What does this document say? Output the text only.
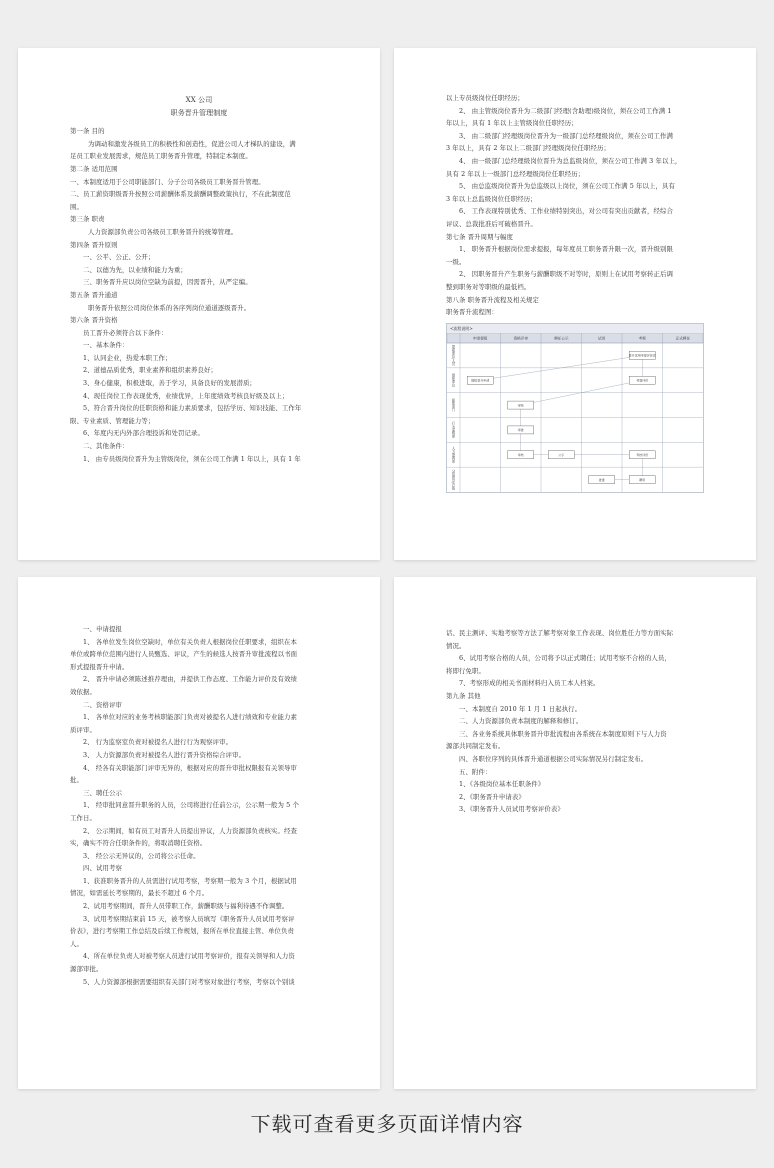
XX 公司
职务晋升管理制度
第一条 目的
为调动和激发各级员工的积极性和创造性，促进公司人才梯队的建设，满
足员工职业发展需求，规范员工职务晋升管理，特制定本制度。
第二条 适用范围
一、本制度适用于公司职能部门、分子公司各级员工职务晋升管理。
二、员工薪资职级晋升按照公司薪酬体系及薪酬调整政策执行，不在此制度范
围。
第三条 职责
人力资源部负责公司各级员工职务晋升的统筹管理。
第四条 晋升原则
一、公平、公正、公开；
二、以德为先，以业绩和能力为重；
三、职务晋升应以岗位空缺为前提，因需晋升，从严定编。
第五条 晋升通道
职务晋升依照公司岗位体系的各序列岗位通道逐级晋升。
第六条 晋升资格
员工晋升必须符合以下条件：
一、基本条件：
1、认同企业，热爱本职工作；
2、道德品质优秀，职业素养和组织素养良好；
3、身心健康，积极进取，善于学习，具备良好的发展潜质；
4、现任岗位工作表现优秀，业绩优异，上年度绩效考核良好级及以上；
5、符合晋升岗位的任职资格和能力素质要求，包括学历、知识技能、工作年
限、专业素质、管理能力等；
6、年度内无内外部合理投诉和处罚记录。
二、其他条件：
1、 由专员级岗位晋升为主管级岗位，须在公司工作满 1 年以上，具有 1 年
以上专员级岗位任职经历；
2、 由主管级岗位晋升为二级部门经理(含助理)级岗位，须在公司工作满 1
年以上，具有 1 年以上主管级岗位任职经历；
3、 由二级部门经理级岗位晋升为一级部门总经理级岗位，须在公司工作满
3 年以上，具有 2 年以上二级部门经理级岗位任职经历；
4、 由一级部门总经理级岗位晋升为总监级岗位，须在公司工作满 3 年以上，
具有 2 年以上一级部门总经理级岗位任职经历；
5、 由总监级岗位晋升为总监级以上岗位，须在公司工作满 5 年以上，具有
3 年以上总监级岗位任职经历；
6、 工作表现特别优秀、工作业绩特别突出，对公司有突出贡献者，经综合
评议、总裁批准后可破格晋升。
第七条 晋升周期与幅度
1、 职务晋升根据岗位需求提报，每年度员工职务晋升限一次，晋升级别限
一级。
2、 因职务晋升产生职务与薪酬职级不对等时，原则上在试用考察转正后调
整到职务对等职级的最低档。
第八条 职务晋升流程及相关规定
职务晋升流程图：
<流程说明>
申请提报	资格评审	聘任公示	试用	考察	正式聘任
提报单位/人员
提报单位
职能部门
行为监察部
人力资源部
分管领导/总裁
提报晋升申请
晋升试用考察评价表
考察评价
审核
审批
审核	公示	考核评价
聘用
批准
一、申请提报
1、 各单位发生岗位空缺时，单位有关负责人根据岗位任职要求，组织在本
单位或跨单位范围内进行人员甄选、评议，产生的候选人按晋升审批流程以书面
形式提报晋升申请。
2、 晋升申请必须陈述推荐理由，并提供工作态度、工作能力评价及有效绩
效依据。
二、资格评审
1、 各单位对应的业务考核职能部门负责对被提名人进行绩效和专业能力素
质评审。
2、 行为监察室负责对被提名人进行行为观察评审。
3、 人力资源部负责对被提名人进行晋升资格综合评审。
4、 经各有关职能部门评审无异的，根据对应的晋升审批权限报有关领导审
批。
三、聘任公示
1、 经审批同意晋升职务的人员，公司将进行任前公示，公示期一般为 5 个
工作日。
2、 公示期间，如有员工对晋升人员提出异议，人力资源部负责核实。经查
实，确实不符合任职条件的，将取消聘任资格。
3、 经公示无异议的，公司将公示任命。
四、试用考察
1、获准职务晋升的人员需进行试用考察，考察期一般为 3 个月，根据试用
情况，如需延长考察期的，最长不超过 6 个月。
2、试用考察期间，晋升人员带职工作，薪酬职级与福利待遇不作调整。
3、试用考察期结束前 15 天，被考察人员填写《职务晋升人员试用考察评
价表》，进行考察期工作总结及后续工作规划，报所在单位直接主管、单位负责
人。
4、所在单位负责人对被考察人员进行试用考察评价，报有关领导和人力资
源部审批。
5、人力资源部根据需要组织有关部门对考察对象进行考察，考察以个别谈
话、民主测评、实地考察等方法了解考察对象工作表现、岗位胜任力等方面实际
情况。
6、试用考察合格的人员，公司将予以正式聘任；试用考察不合格的人员，
将即行免职。
7、考察形成的相关书面材料归入员工本人档案。
第九条 其他
一、本制度自 2010 年 1 月 1 日起执行。
二、人力资源部负责本制度的解释和修订。
三、各业务系统具体职务晋升审批流程由各系统在本制度原则下与人力资
源部共同制定发布。
四、各职位序列的具体晋升通道根据公司实际情况另行制定发布。
五、附件：
1、《各级岗位基本任职条件》
2、《职务晋升申请表》
3、《职务晋升人员试用考察评价表》
下载可查看更多页面详情内容
